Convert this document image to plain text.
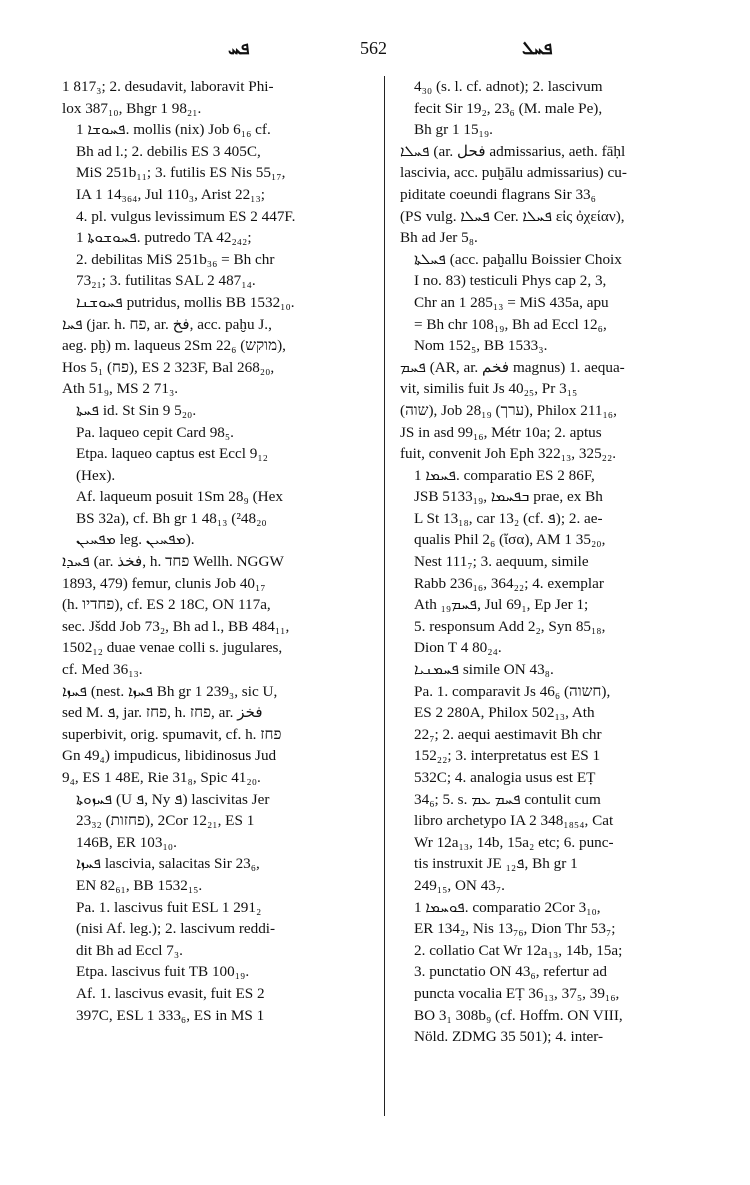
ܦܚ	562	ܦܚܠ
1 817₃; 2. desudavit, laboravit Phi-
lox 387₁₀, Bhgr 1 98₂₁.
ܦܚܘܫܐ 1. mollis (nix) Job 6₁₆ cf.
Bh ad l.; 2. debilis ES 3 405C,
MiS 251b₁₁; 3. futilis ES Nis 55₁₇,
IA 1 14₃₆₄, Jul 110₃, Arist 22₁₃;
4. pl. vulgus levissimum ES 2 447F.
ܦܚܘܫܘܬܐ 1. putredo TA 42₂₄₂;
2. debilitas MiS 251b₃₆ = Bh chr
73₂₁; 3. futilitas SAL 2 487₁₄.
ܦܚܘܫܢܐ putridus, mollis BB 1532₁₀.
ܦܚܐ (jar. h. פח, ar. فخ, acc. paḫu J.,
aeg. pḫ) m. laqueus 2Sm 22₆ (מוקש),
Hos 5₁ (פח), ES 2 323F, Bal 268₂₀,
Ath 51₉, MS 2 71₃.
ܦܚܬܐ id. St Sin 9 5₂₀.
Pa. laqueo cepit Card 98₅.
Etpa. laqueo captus est Eccl 9₁₂
(Hex).
Af. laqueum posuit 1Sm 28₉ (Hex
BS 32a), cf. Bh gr 1 48₁₃ (²48₂₀
ܡܦܚܝܢ leg. ܡܦܚܝܢ).
ܦܚܕܐ (ar. فخذ, h. פחד Wellh. NGGW
1893, 479) femur, clunis Job 40₁₇
(h. פחדיו), cf. ES 2 18C, ON 117a,
sec. Jšdd Job 73₂, Bh ad l., BB 484₁₁,
1502₁₂ duae venae colli s. jugulares,
cf. Med 36₁₃.
ܦܚܙܐ (nest. ܦܚܙܐ Bh gr 1 239₃, sic U,
sed M. ܦ, jar. פחז, h. פחז, ar. فخز
superbivit, orig. spumavit, cf. h. פחז
Gn 49₄) impudicus, libidinosus Jud
9₄, ES 1 48E, Rie 31₈, Spic 41₂₀.
ܦܚܙܘܬܐ (U ܦ, Ny ܦ) lascivitas Jer
23₃₂ (פחזות), 2Cor 12₂₁, ES 1
146B, ER 103₁₀.
ܦܚܙܐ lascivia, salacitas Sir 23₆,
EN 82₆₁, BB 1532₁₅.
Pa. 1. lascivus fuit ESL 1 291₂
(nisi Af. leg.); 2. lascivum reddi-
dit Bh ad Eccl 7₃.
Etpa. lascivus fuit TB 100₁₉.
Af. 1. lascivus evasit, fuit ES 2
397C, ESL 1 333₆, ES in MS 1
4₃₀ (s. l. cf. adnot); 2. lascivum
fecit Sir 19₂, 23₆ (M. male Pe),
Bh gr 1 15₁₉.
ܦܚܠܐ (ar. فحل admissarius, aeth. fāḥl
lascivia, acc. puḫālu admissarius) cu-
piditate coeundi flagrans Sir 33₆
(PS vulg. ܦܚܠܐ Cer. ܦܚܠܐ εἰς ὀχείαν),
Bh ad Jer 5₈.
ܦܚܠܬܐ (acc. paḫallu Boissier Choix
I no. 83) testiculi Phys cap 2, 3,
Chr an 1 285₁₃ = MiS 435a, apu
= Bh chr 108₁₉, Bh ad Eccl 12₆,
Nom 152₅, BB 1533₃.
ܦܚܡ (AR, ar. فخم magnus) 1. aequa-
vit, similis fuit Js 40₂₅, Pr 3₁₅
(שוה), Job 28₁₉ (ערך), Philox 211₁₆,
JS in asd 99₁₆, Métr 10a; 2. aptus
fuit, convenit Joh Eph 322₁₃, 325₂₂.
ܦܚܡܐ 1. comparatio ES 2 86F,
JSB 5133₁₉, ܒܦܚܡܐ prae, ex Bh
L St 13₁₈, car 13₂ (cf. ܦ); 2. ae-
qualis Phil 2₆ (ἴσα), AM 1 35₂₀,
Nest 111₇; 3. aequum, simile
Rabb 236₁₆, 364₂₂; 4. exemplar
Ath ܦܚܡ₁₉, Jul 69₁, Ep Jer 1;
5. responsum Add 2₂, Syn 85₁₈,
Dion T 4 80₂₄.
ܦܚܡܢܝܐ simile ON 43₈.
Pa. 1. comparavit Js 46₆ (חשוה),
ES 2 280A, Philox 502₁₃, Ath
22₇; 2. aequi aestimavit Bh chr
152₂₂; 3. interpretatus est ES 1
532C; 4. analogia usus est EṬ
34₆; 5. s. ܦܚܡ ܥܡ contulit cum
libro archetypo IA 2 348₁₈₅₄, Cat
Wr 12a₁₃, 14b, 15a₂ etc; 6. punc-
tis instruxit JE ܦ₁₂, Bh gr 1
249₁₅, ON 43₇.
ܦܘܚܡܐ 1. comparatio 2Cor 3₁₀,
ER 134₂, Nis 13₇₆, Dion Thr 53₇;
2. collatio Cat Wr 12a₁₃, 14b, 15a;
3. punctatio ON 43₆, refertur ad
puncta vocalia EṬ 36₁₃, 37₅, 39₁₆,
BO 3₁ 308b₉ (cf. Hoffm. ON VIII,
Nöld. ZDMG 35 501); 4. inter-
